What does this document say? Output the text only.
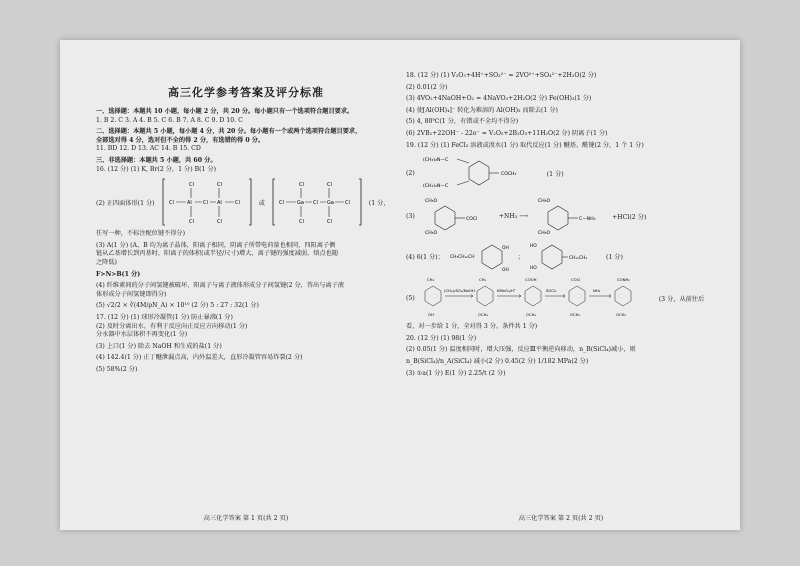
高三化学参考答案及评分标准
一、选择题：本题共 10 小题，每小题 2 分，共 20 分。每小题只有一个选项符合题目要求。
1. B 2. C 3. A 4. B 5. C 6. B 7. A 8. C 9. D 10. C
二、选择题：本题共 5 小题，每小题 4 分，共 20 分。每小题有一个或两个选项符合题目要求，
全部选对得 4 分，选对但不全的得 2 分，有选错的得 0 分。
11. BD 12. D 13. AC 14. B 15. CD
三、非选择题：本题共 5 小题，共 60 分。
16. (12 分) (1) K, Br(2 分，1 分) B(1 分)
(2) 正四面体形(1 分)
Cl	Cl
Cl	Al Cl Al	Cl
Cl	Cl
或
Cl	Cl
Cl	Ga Cl Ga Cl
Cl	Cl
(1 分，
任写一种，不标注配位键不得分)
(3) A(1 分) (A、B 均为离子晶体，阳离子相同，阴离子所带电荷量也相同，四阳离子侧
链从乙基增长到丙基时，阳离子的体积(或半径/尺寸)增大，离子键的强度减弱，熔点也随
之降低)
F>N>B(1 分)
(4) 纤维素间的分子间氢键被破坏，阳离子与离子液体形成分子间氢键(2 分，答出与离子液
体形成分子间氢键即得分)
(5) √2/2 × ∛(4M/ρN_A) × 10¹⁰ (2 分) 5 : 27 : 32(1 分)
17. (12 分) (1) 球形冷凝管(1 分) 防止暴沸(1 分)
(2) 及时分离出水，有利于反应向正反应方向移动(1 分)
分水器中水层体积不再变化(1 分)
(3) 上口(1 分) 除去 NaOH 和生成的盐(1 分)
(4) 142.4(1 分) 正丁醚泄漏点高，内外温差大，直形冷凝管容易炸裂(2 分)
(5) 58%(2 分)
高三化学答案 第 1 页(共 2 页)
18. (12 分) (1) V₂O₃+4H⁺+SO₃²⁻ = 2VO²⁺+SO₄²⁻+2H₂O(2 分)
(2) 0.01(2 分)
(3) 4VO₂+4NaOH+O₂ = 4NaVO₃+2H₂O(2 分) Fe(OH)₃(1 分)
(4) 使[Al(OH)₄]⁻ 转化为难溶的 Al(OH)₃ 而除去(1 分)
(5) 4, 80℃(1 分，有错或不全均不得分)
(6) 2VB₂+22OH⁻ - 22e⁻ = V₂O₅+2B₂O₃+11H₂O(2 分) 阴离子(1 分)
19. (12 分) (1) FeCl₃ 溶液或溴水(1 分) 取代反应(1 分) 醚基、酰键(2 分，1 个 1 分)
(2)
(CH₃)₂N—C
(CH₃)₂N—C
COCH₃	(1 分)
(3)
CH₃O
CH₃O
COCl	+NH₃ ⟶
CH₃O
CH₃O
C—NH₂	+HCl(2 分)
(4) 6(1 分)； CH₃CH=CH
OH
OH
；
HO
HO
CH=CH₂	(1 分)
(5)
CH₃
OH
(CH₃)₂SO₄/NaOH
CH₃
OCH₃
KMnO₄/H⁺
COOH
OCH₃
SOCl₂
COCl
OCH₃
NH₃
CONH₂
OCH₃
(3 分，从前往后
看，对一步给 1 分，全对得 3 分，条件共 1 分)
20. (12 分) (1) 98(1 分)
(2) 0.05(1 分) 温度相同时，增大压强，反应Ⅲ平衡逆向移动，n_B(SiCl₄)减小，则
n_B(SiCl₄)/n_A(SiCl₄) 减小(2 分) 0.45(2 分) 1/182 MPa(2 分)
(3) ①a(1 分) E(1 分) 2.25/t (2 分)
高三化学答案 第 2 页(共 2 页)
